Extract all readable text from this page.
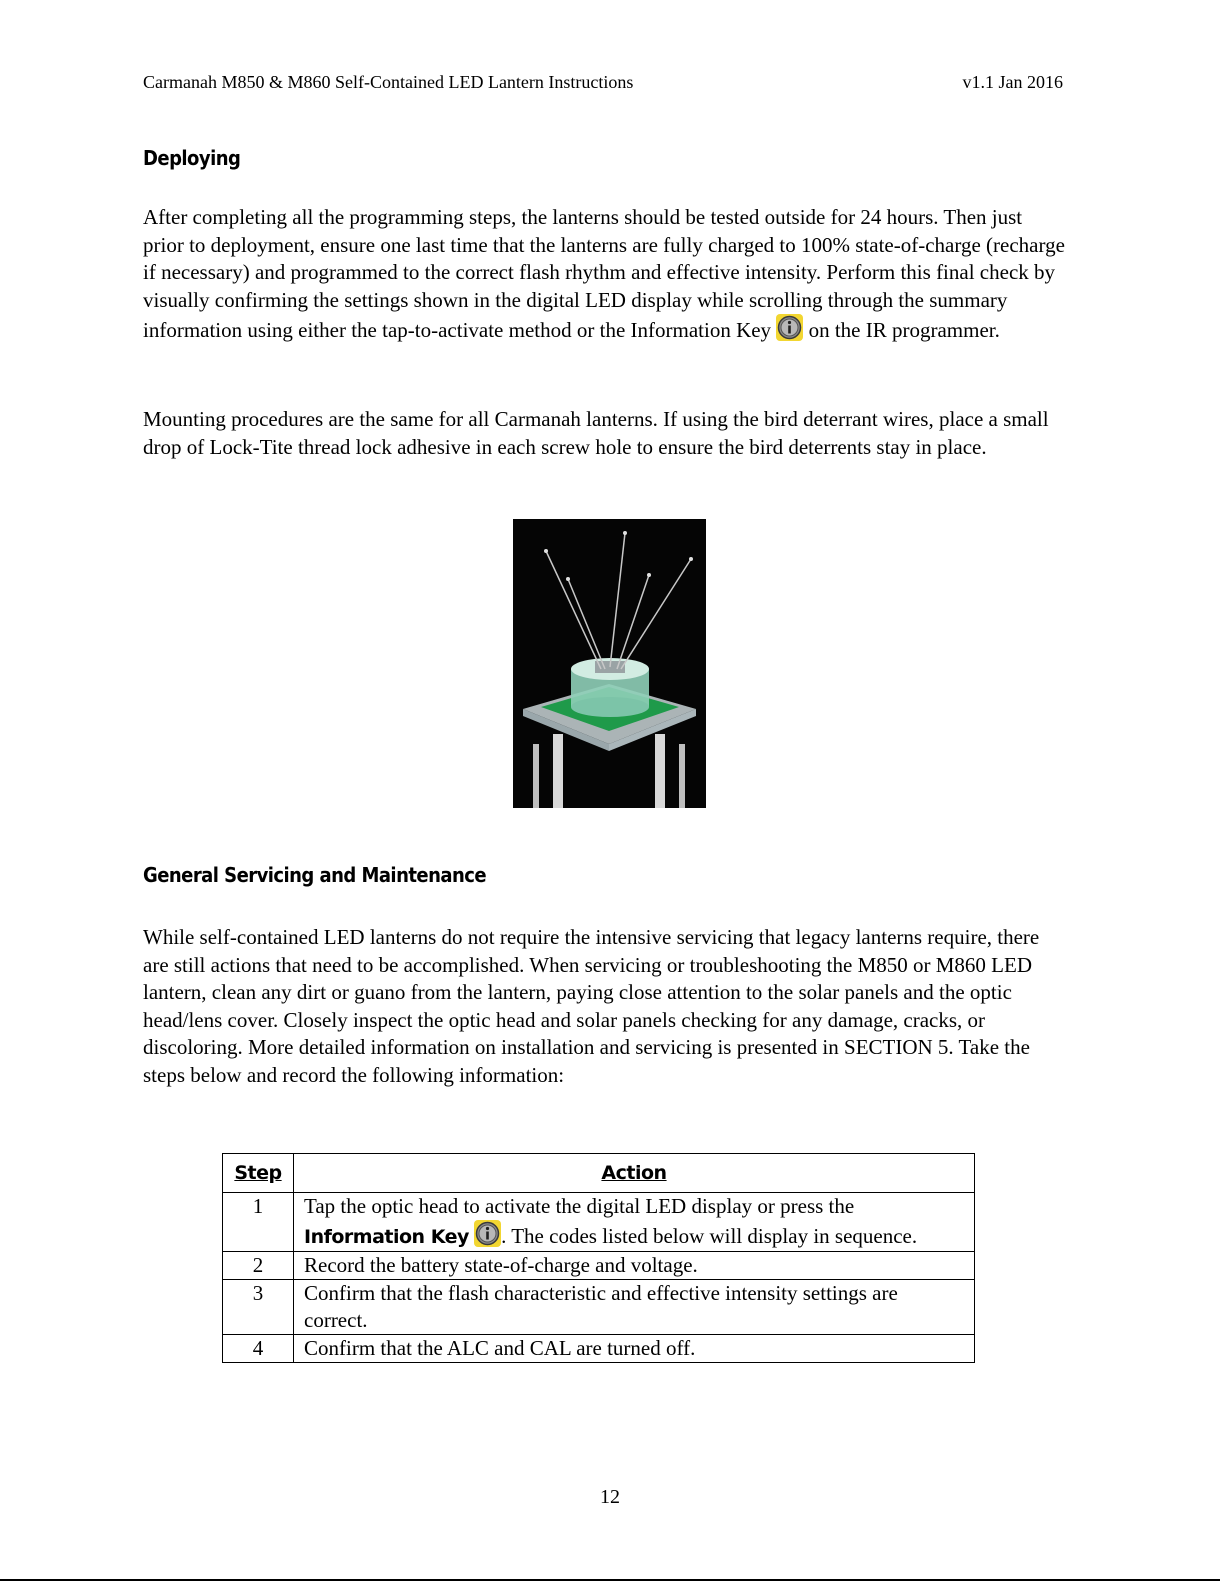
Carmanah M850 & M860 Self-Contained LED Lantern Instructions	v1.1 Jan 2016
Deploying

After completing all the programming steps, the lanterns should be tested outside for 24 hours. Then just prior to deployment, ensure one last time that the lanterns are fully charged to 100% state-of-charge (recharge if necessary) and programmed to the correct flash rhythm and effective intensity. Perform this final check by visually confirming the settings shown in the digital LED display while scrolling through the summary information using either the tap-to-activate method or the Information Key
on the IR programmer.

Mounting procedures are the same for all Carmanah lanterns. If using the bird deterrant wires, place a small drop of Lock-Tite thread lock adhesive in each screw hole to ensure the bird deterrents stay in place.

General Servicing and Maintenance

While self-contained LED lanterns do not require the intensive servicing that legacy lanterns require, there are still actions that need to be accomplished. When servicing or troubleshooting the M850 or M860 LED lantern, clean any dirt or guano from the lantern, paying close attention to the solar panels and the optic head/lens cover. Closely inspect the optic head and solar panels checking for any damage, cracks, or discoloring. More detailed information on installation and servicing is presented in SECTION 5. Take the steps below and record the following information:

Step	Action
1	Tap the optic head to activate the digital LED display or press the
Information Key . The codes listed below will display in sequence.
2	Record the battery state-of-charge and voltage.
3	Confirm that the flash characteristic and effective intensity settings are correct.
4	Confirm that the ALC and CAL are turned off.
12
